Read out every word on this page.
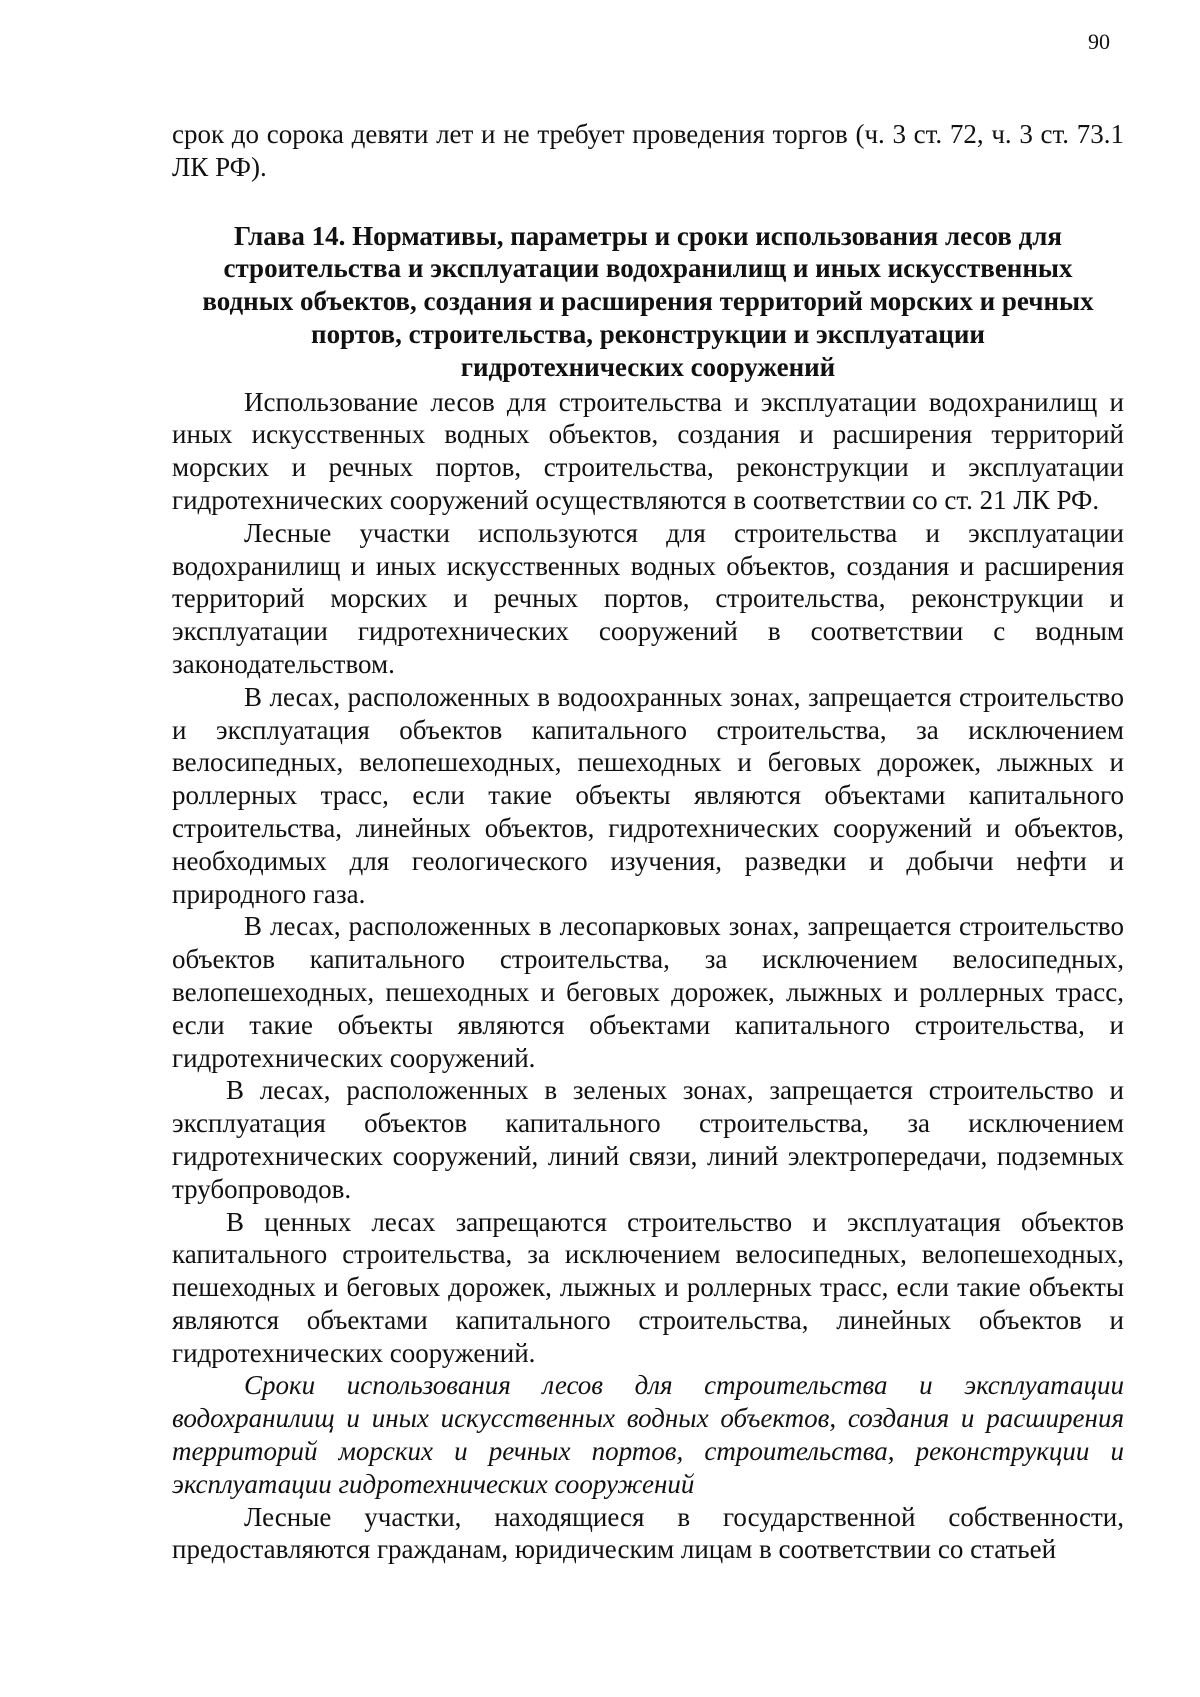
90

срок до сорока девяти лет и не требует проведения торгов (ч. 3 ст. 72, ч. 3 ст. 73.1 ЛК РФ).

Глава 14. Нормативы, параметры и сроки использования лесов для
строительства и эксплуатации водохранилищ и иных искусственных
водных объектов, создания и расширения территорий морских и речных
портов, строительства, реконструкции и эксплуатации
гидротехнических сооружений

Использование лесов для строительства и эксплуатации водохранилищ и иных искусственных водных объектов, создания и расширения территорий морских и речных портов, строительства, реконструкции и эксплуатации гидротехнических сооружений осуществляются в соответствии со ст. 21 ЛК РФ.

Лесные участки используются для строительства и эксплуатации водохранилищ и иных искусственных водных объектов, создания и расширения территорий морских и речных портов, строительства, реконструкции и эксплуатации гидротехнических сооружений в соответствии с водным законодательством.

В лесах, расположенных в водоохранных зонах, запрещается строительство и эксплуатация объектов капитального строительства, за исключением велосипедных, велопешеходных, пешеходных и беговых дорожек, лыжных и роллерных трасс, если такие объекты являются объектами капитального строительства, линейных объектов, гидротехнических сооружений и объектов, необходимых для геологического изучения, разведки и добычи нефти и природного газа.

В лесах, расположенных в лесопарковых зонах, запрещается строительство объектов капитального строительства, за исключением велосипедных, велопешеходных, пешеходных и беговых дорожек, лыжных и роллерных трасс, если такие объекты являются объектами капитального строительства, и гидротехнических сооружений.

В лесах, расположенных в зеленых зонах, запрещается строительство и эксплуатация объектов капитального строительства, за исключением гидротехнических сооружений, линий связи, линий электропередачи, подземных трубопроводов.

В ценных лесах запрещаются строительство и эксплуатация объектов капитального строительства, за исключением велосипедных, велопешеходных, пешеходных и беговых дорожек, лыжных и роллерных трасс, если такие объекты являются объектами капитального строительства, линейных объектов и гидротехнических сооружений.

Сроки использования лесов для строительства и эксплуатации водохранилищ и иных искусственных водных объектов, создания и расширения территорий морских и речных портов, строительства, реконструкции и эксплуатации гидротехнических сооружений

Лесные участки, находящиеся в государственной собственности, предоставляются гражданам, юридическим лицам в соответствии со статьей
